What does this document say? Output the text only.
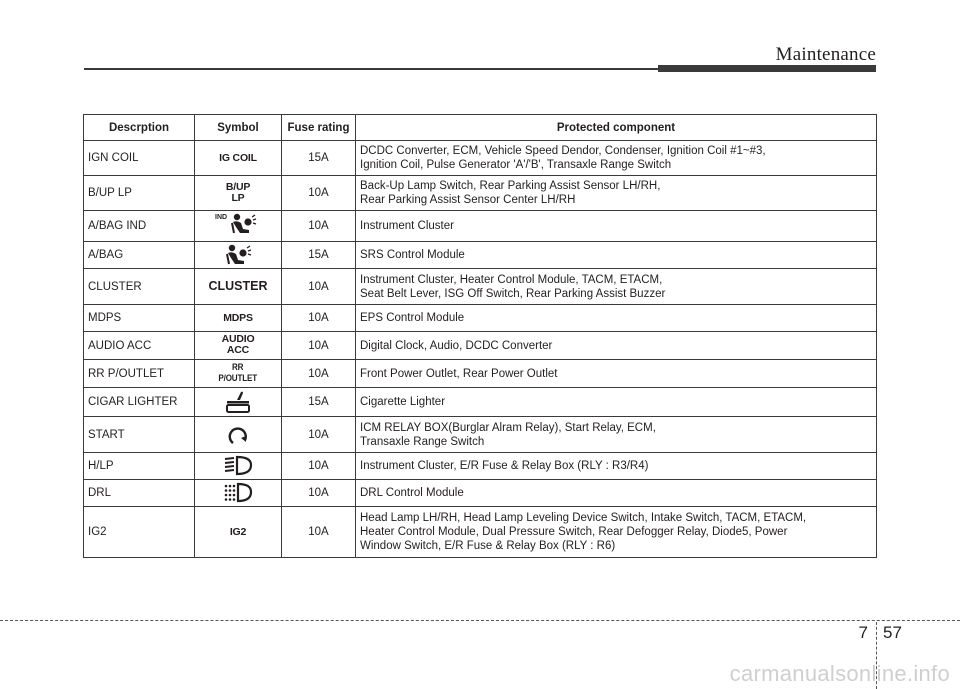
Maintenance
Descrption	Symbol	Fuse rating	Protected component
IGN COIL	IG COIL	15A	DCDC Converter, ECM, Vehicle Speed Dendor, Condenser, Ignition Coil #1~#3,
Ignition Coil, Pulse Generator 'A'/'B', Transaxle Range Switch

B/UP LP	B/UP
LP	10A	Back-Up Lamp Switch, Rear Parking Assist Sensor LH/RH,
Rear Parking Assist Sensor Center LH/RH

A/BAG IND	IND	10A	Instrument Cluster

A/BAG		15A	SRS Control Module

CLUSTER	CLUSTER	10A	Instrument Cluster, Heater Control Module, TACM, ETACM,
Seat Belt Lever, ISG Off Switch, Rear Parking Assist Buzzer

MDPS	MDPS	10A	EPS Control Module

AUDIO ACC	AUDIO
ACC	10A	Digital Clock, Audio, DCDC Converter

RR P/OUTLET	RR
P/OUTLET	10A	Front Power Outlet, Rear Power Outlet

CIGAR LIGHTER		15A	Cigarette Lighter

START		10A	ICM RELAY BOX(Burglar Alram Relay), Start Relay, ECM,
Transaxle Range Switch

H/LP		10A	Instrument Cluster, E/R Fuse & Relay Box (RLY : R3/R4)

DRL		10A	DRL Control Module

IG2	IG2	10A	Head Lamp LH/RH, Head Lamp Leveling Device Switch, Intake Switch, TACM, ETACM,
Heater Control Module, Dual Pressure Switch, Rear Defogger Relay, Diode5, Power
Window Switch, E/R Fuse & Relay Box (RLY : R6)
7 57
carmanualsonline.info
